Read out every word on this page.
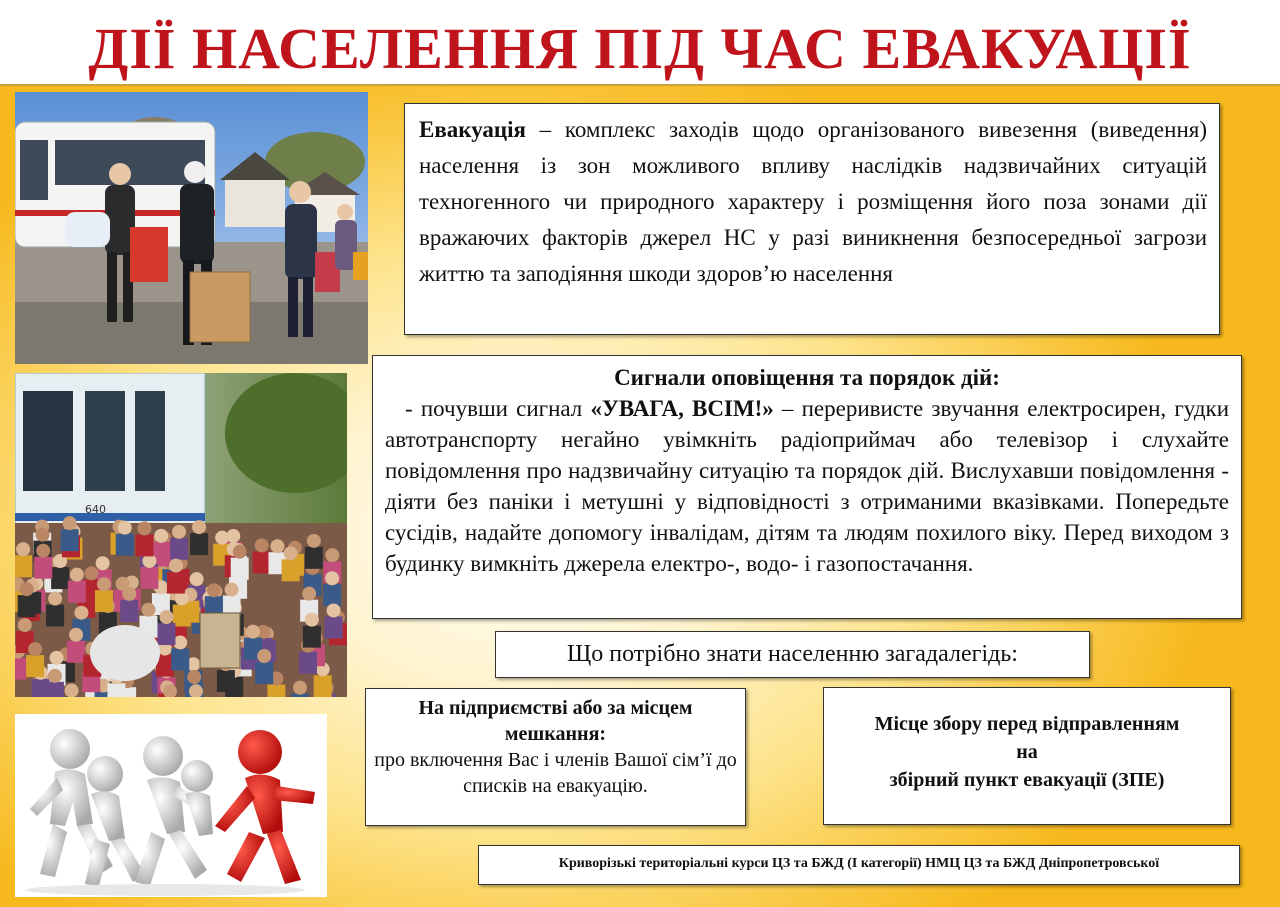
ДІЇ НАСЕЛЕННЯ ПІД ЧАС ЕВАКУАЦІЇ
640
Евакуація – комплекс заходів щодо організованого вивезення (виведення) населення із зон можливого впливу наслідків надзвичайних ситуацій техногенного чи природного характеру і розміщення його поза зонами дії вражаючих факторів джерел НС у разі виникнення безпосередньої загрози життю та заподіяння шкоди здоров’ю населення
Сигнали оповіщення та порядок дій:
- почувши сигнал «УВАГА, ВСІМ!» – переривисте звучання електросирен, гудки автотранспорту негайно увімкніть радіоприймач або телевізор і слухайте повідомлення про надзвичайну ситуацію та порядок дій. Вислухавши повідомлення - діяти без паніки і метушні у відповідності з отриманими вказівками. Попередьте сусідів, надайте допомогу інвалідам, дітям та людям похилого віку. Перед виходом з будинку вимкніть джерела електро-, водо- і газопостачання.
Що потрібно знати населенню загадалегідь:
На підприємстві або за місцем мешкання:
про включення Вас і членів Вашої сім’ї до списків на евакуацію.
Місце збору перед відправленням
на
збірний пункт евакуації (ЗПЕ)
Криворізькі територіальні курси ЦЗ та БЖД (І категорії) НМЦ ЦЗ та БЖД Дніпропетровської
